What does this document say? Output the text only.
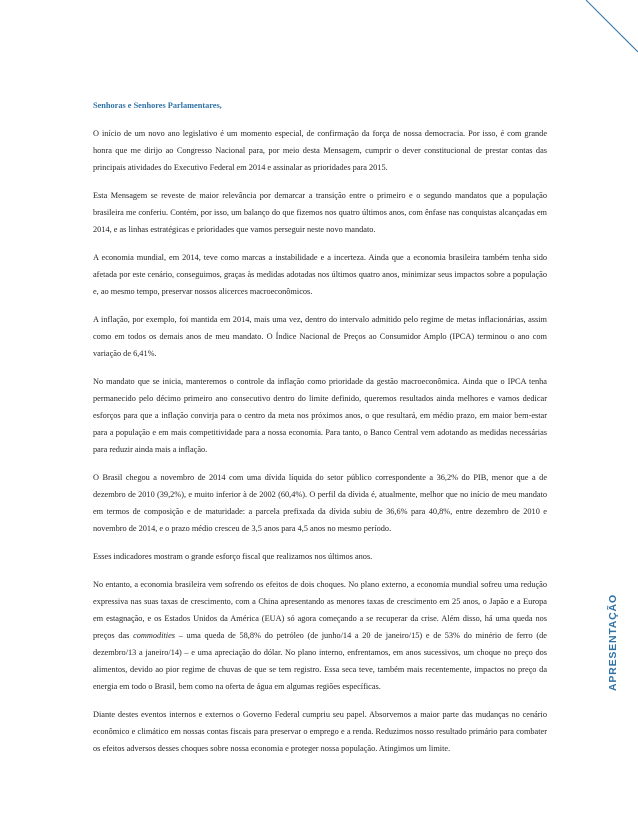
Senhoras e Senhores Parlamentares,

O início de um novo ano legislativo é um momento especial, de confirmação da força de nossa democracia. Por isso, é com grande honra que me dirijo ao Congresso Nacional para, por meio desta Mensagem, cumprir o dever constitucional de prestar contas das principais atividades do Executivo Federal em 2014 e assinalar as prioridades para 2015.

Esta Mensagem se reveste de maior relevância por demarcar a transição entre o primeiro e o segundo mandatos que a população brasileira me conferiu. Contém, por isso, um balanço do que fizemos nos quatro últimos anos, com ênfase nas conquistas alcançadas em 2014, e as linhas estratégicas e prioridades que vamos perseguir neste novo mandato.

A economia mundial, em 2014, teve como marcas a instabilidade e a incerteza. Ainda que a economia brasileira também tenha sido afetada por este cenário, conseguimos, graças às medidas adotadas nos últimos quatro anos, minimizar seus impactos sobre a população e, ao mesmo tempo, preservar nossos alicerces macroeconômicos.

A inflação, por exemplo, foi mantida em 2014, mais uma vez, dentro do intervalo admitido pelo regime de metas inflacionárias, assim como em todos os demais anos de meu mandato. O Índice Nacional de Preços ao Consumidor Amplo (IPCA) terminou o ano com variação de 6,41%.

No mandato que se inicia, manteremos o controle da inflação como prioridade da gestão macroeconômica. Ainda que o IPCA tenha permanecido pelo décimo primeiro ano consecutivo dentro do limite definido, queremos resultados ainda melhores e vamos dedicar esforços para que a inflação convirja para o centro da meta nos próximos anos, o que resultará, em médio prazo, em maior bem-estar para a população e em mais competitividade para a nossa economia. Para tanto, o Banco Central vem adotando as medidas necessárias para reduzir ainda mais a inflação.

O Brasil chegou a novembro de 2014 com uma dívida líquida do setor público correspondente a 36,2% do PIB, menor que a de dezembro de 2010 (39,2%), e muito inferior à de 2002 (60,4%). O perfil da dívida é, atualmente, melhor que no início de meu mandato em termos de composição e de maturidade: a parcela prefixada da dívida subiu de 36,6% para 40,8%, entre dezembro de 2010 e novembro de 2014, e o prazo médio cresceu de 3,5 anos para 4,5 anos no mesmo período.

Esses indicadores mostram o grande esforço fiscal que realizamos nos últimos anos.

No entanto, a economia brasileira vem sofrendo os efeitos de dois choques. No plano externo, a economia mundial sofreu uma redução expressiva nas suas taxas de crescimento, com a China apresentando as menores taxas de crescimento em 25 anos, o Japão e a Europa em estagnação, e os Estados Unidos da América (EUA) só agora começando a se recuperar da crise. Além disso, há uma queda nos preços das commodities – uma queda de 58,8% do petróleo (de junho/14 a 20 de janeiro/15) e de 53% do minério de ferro (de dezembro/13 a janeiro/14) – e uma apreciação do dólar. No plano interno, enfrentamos, em anos sucessivos, um choque no preço dos alimentos, devido ao pior regime de chuvas de que se tem registro. Essa seca teve, também mais recentemente, impactos no preço da energia em todo o Brasil, bem como na oferta de água em algumas regiões específicas.

Diante destes eventos internos e externos o Governo Federal cumpriu seu papel. Absorvemos a maior parte das mudanças no cenário econômico e climático em nossas contas fiscais para preservar o emprego e a renda. Reduzimos nosso resultado primário para combater os efeitos adversos desses choques sobre nossa economia e proteger nossa população. Atingimos um limite.

APRESENTAÇÃO
